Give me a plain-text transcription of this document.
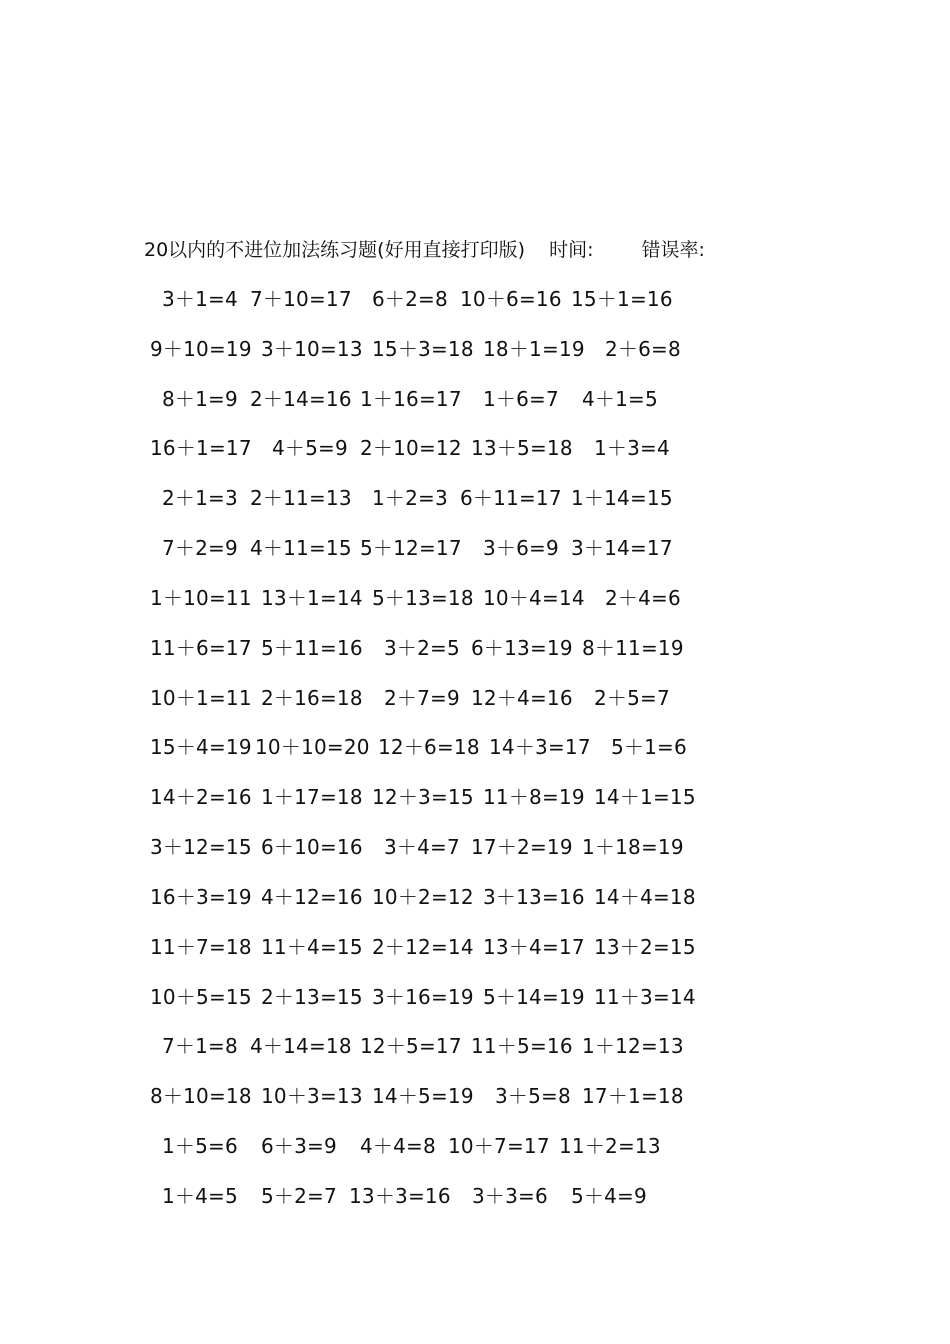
20以内的不进位加法练习题(好用直接打印版) 时间:	错误率:
3＋1=4 7＋10=17 6＋2=8 10＋6=16 15＋1=16
9＋10=19 3＋10=13 15＋3=18 18＋1=19 2＋6=8
8＋1=9 2＋14=16 1＋16=17 1＋6=7 4＋1=5
16＋1=17 4＋5=9 2＋10=12 13＋5=18 1＋3=4
2＋1=3 2＋11=13 1＋2=3 6＋11=17 1＋14=15
7＋2=9 4＋11=15 5＋12=17 3＋6=9 3＋14=17
1＋10=11 13＋1=14 5＋13=18 10＋4=14 2＋4=6
11＋6=17 5＋11=16 3＋2=5 6＋13=19 8＋11=19
10＋1=11 2＋16=18 2＋7=9 12＋4=16 2＋5=7
15＋4=19 10＋10=20 12＋6=18 14＋3=17 5＋1=6
14＋2=16 1＋17=18 12＋3=15 11＋8=19 14＋1=15
3＋12=15 6＋10=16 3＋4=7 17＋2=19 1＋18=19
16＋3=19 4＋12=16 10＋2=12 3＋13=16 14＋4=18
11＋7=18 11＋4=15 2＋12=14 13＋4=17 13＋2=15
10＋5=15 2＋13=15 3＋16=19 5＋14=19 11＋3=14
7＋1=8 4＋14=18 12＋5=17 11＋5=16 1＋12=13
8＋10=18 10＋3=13 14＋5=19 3＋5=8 17＋1=18
1＋5=6 6＋3=9 4＋4=8 10＋7=17 11＋2=13
1＋4=5 5＋2=7 13＋3=16 3＋3=6 5＋4=9
